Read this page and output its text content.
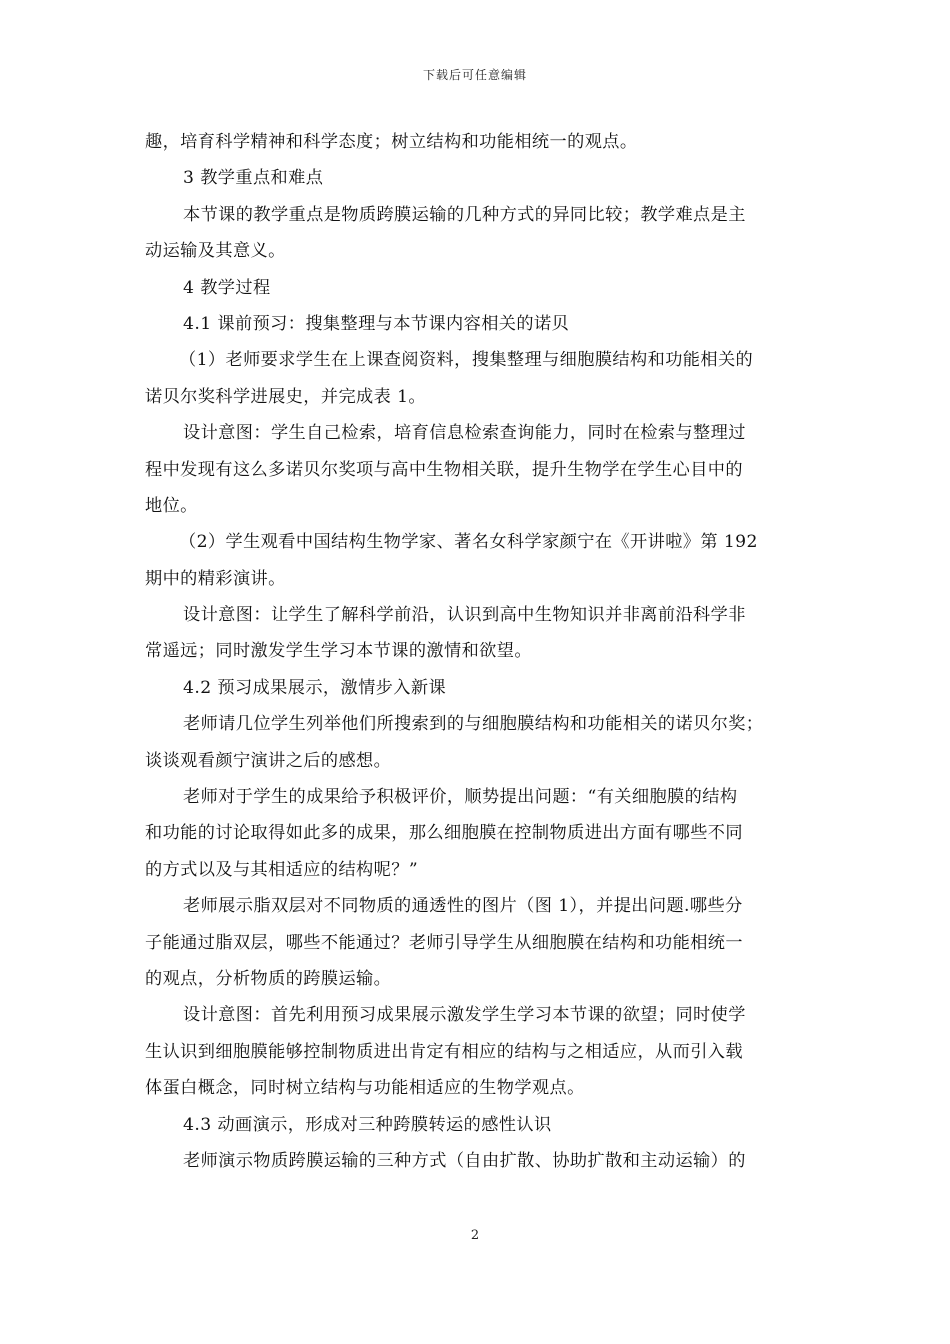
下载后可任意编辑
趣，培育科学精神和科学态度；树立结构和功能相统一的观点。
3 教学重点和难点
本节课的教学重点是物质跨膜运输的几种方式的异同比较；教学难点是主
动运输及其意义。
4 教学过程
4.1 课前预习：搜集整理与本节课内容相关的诺贝
（1）老师要求学生在上课查阅资料，搜集整理与细胞膜结构和功能相关的
诺贝尔奖科学进展史，并完成表 1。
设计意图：学生自己检索，培育信息检索查询能力，同时在检索与整理过
程中发现有这么多诺贝尔奖项与高中生物相关联，提升生物学在学生心目中的
地位。
（2）学生观看中国结构生物学家、著名女科学家颜宁在《开讲啦》第 192
期中的精彩演讲。
设计意图：让学生了解科学前沿，认识到高中生物知识并非离前沿科学非
常遥远；同时激发学生学习本节课的激情和欲望。
4.2 预习成果展示，激情步入新课
老师请几位学生列举他们所搜索到的与细胞膜结构和功能相关的诺贝尔奖；
谈谈观看颜宁演讲之后的感想。
老师对于学生的成果给予积极评价，顺势提出问题：“有关细胞膜的结构
和功能的讨论取得如此多的成果，那么细胞膜在控制物质进出方面有哪些不同
的方式以及与其相适应的结构呢？”
老师展示脂双层对不同物质的通透性的图片（图 1），并提出问题.哪些分
子能通过脂双层，哪些不能通过？老师引导学生从细胞膜在结构和功能相统一
的观点，分析物质的跨膜运输。
设计意图：首先利用预习成果展示激发学生学习本节课的欲望；同时使学
生认识到细胞膜能够控制物质进出肯定有相应的结构与之相适应，从而引入载
体蛋白概念，同时树立结构与功能相适应的生物学观点。
4.3 动画演示，形成对三种跨膜转运的感性认识
老师演示物质跨膜运输的三种方式（自由扩散、协助扩散和主动运输）的
2
